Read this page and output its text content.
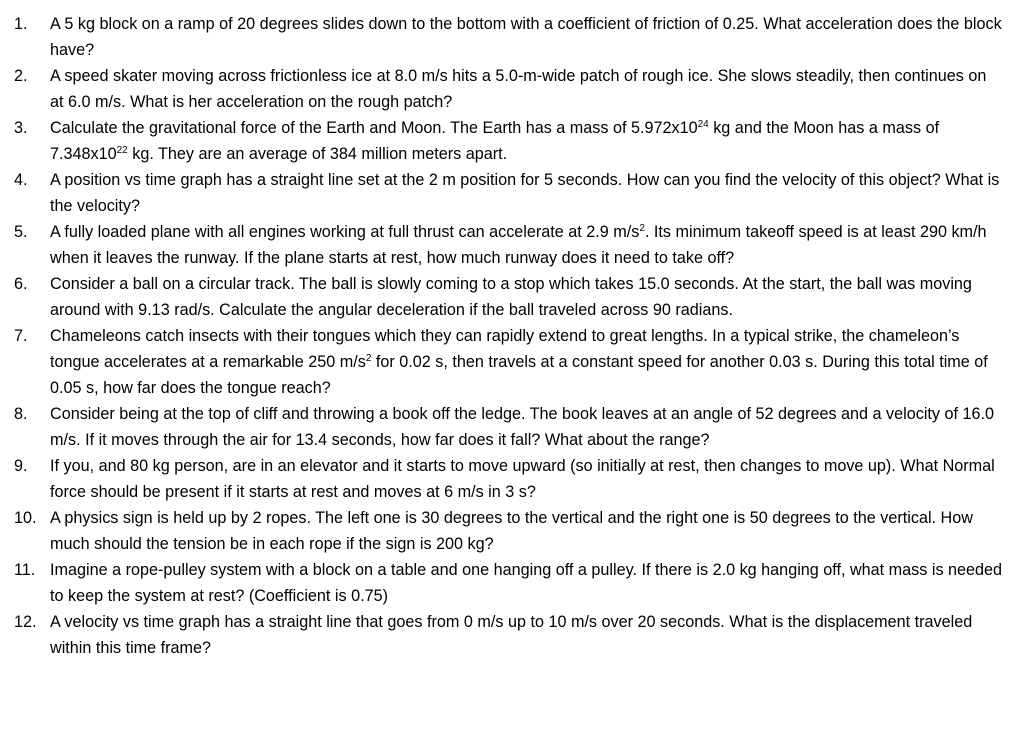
1.	A 5 kg block on a ramp of 20 degrees slides down to the bottom with a coefficient of friction of 0.25. What acceleration does the block have?
2.	A speed skater moving across frictionless ice at 8.0 m/s hits a 5.0-m-wide patch of rough ice. She slows steadily, then continues on at 6.0 m/s. What is her acceleration on the rough patch?
3.	Calculate the gravitational force of the Earth and Moon. The Earth has a mass of $5.972x10^{24}$ kg and the Moon has a mass of $7.348x10^{22}$ kg. They are an average of 384 million meters apart.
4.	A position vs time graph has a straight line set at the 2 m position for 5 seconds. How can you find the velocity of this object? What is the velocity?
5.	A fully loaded plane with all engines working at full thrust can accelerate at 2.9 $m/s^2$. Its minimum takeoff speed is at least 290 km/h when it leaves the runway. If the plane starts at rest, how much runway does it need to take off?
6.	Consider a ball on a circular track. The ball is slowly coming to a stop which takes 15.0 seconds. At the start, the ball was moving around with 9.13 rad/s. Calculate the angular deceleration if the ball traveled across 90 radians.
7.	Chameleons catch insects with their tongues which they can rapidly extend to great lengths. In a typical strike, the chameleon’s tongue accelerates at a remarkable 250 $m/s^2$ for 0.02 s, then travels at a constant speed for another 0.03 s. During this total time of 0.05 s, how far does the tongue reach?
8.	Consider being at the top of cliff and throwing a book off the ledge. The book leaves at an angle of 52 degrees and a velocity of 16.0 m/s. If it moves through the air for 13.4 seconds, how far does it fall? What about the range?
9.	If you, and 80 kg person, are in an elevator and it starts to move upward (so initially at rest, then changes to move up). What Normal force should be present if it starts at rest and moves at 6 m/s in 3 s?
10. A physics sign is held up by 2 ropes. The left one is 30 degrees to the vertical and the right one is 50 degrees to the vertical. How much should the tension be in each rope if the sign is 200 kg?
11. Imagine a rope-pulley system with a block on a table and one hanging off a pulley. If there is 2.0 kg hanging off, what mass is needed to keep the system at rest? (Coefficient is 0.75)
12. A velocity vs time graph has a straight line that goes from 0 m/s up to 10 m/s over 20 seconds. What is the displacement traveled within this time frame?
